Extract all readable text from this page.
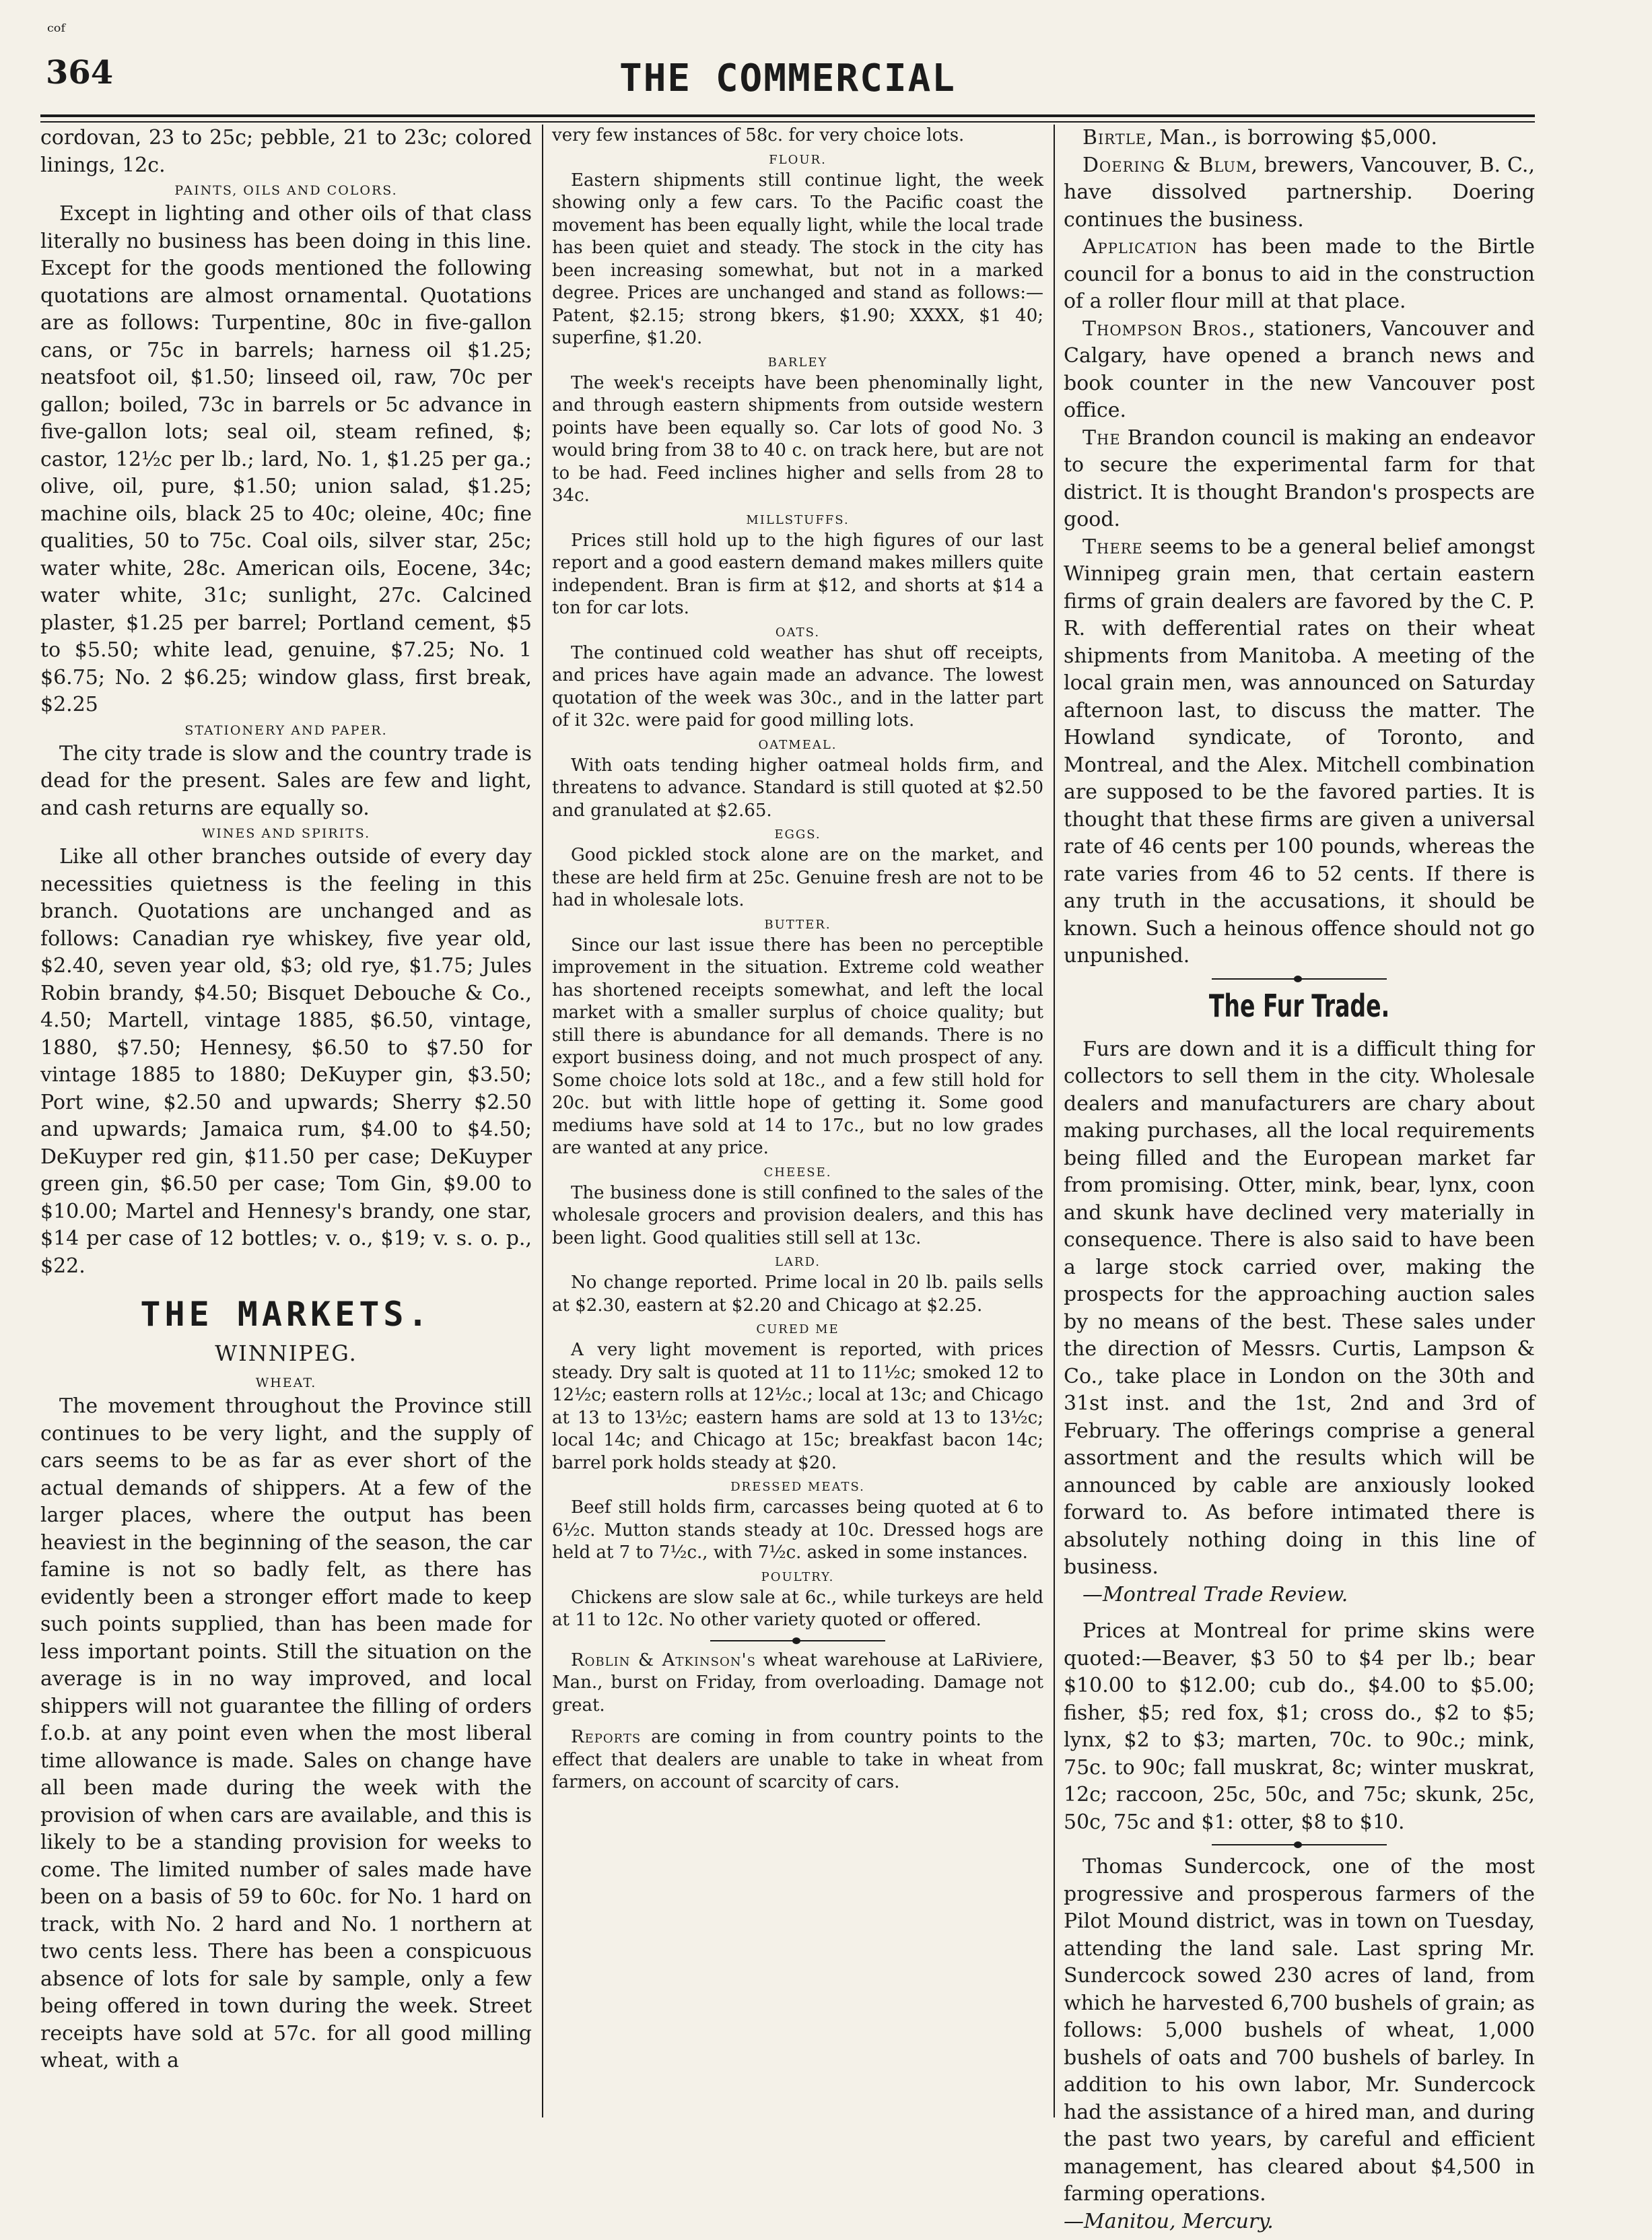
ᶜᵒᶠ
364	THE COMMERCIAL

cordovan, 23 to 25c; pebble, 21 to 23c; colored linings, 12c.

PAINTS, OILS AND COLORS.

Except in lighting and other oils of that class literally no business has been doing in this line. Except for the goods mentioned the following quotations are almost ornamental. Quotations are as follows: Turpentine, 80c in five-gallon cans, or 75c in barrels; harness oil $1.25; neatsfoot oil, $1.50; linseed oil, raw, 70c per gallon; boiled, 73c in barrels or 5c advance in five-gallon lots; seal oil, steam refined, $; castor, 12½c per lb.; lard, No. 1, $1.25 per ga.; olive, oil, pure, $1.50; union salad, $1.25; machine oils, black 25 to 40c; oleine, 40c; fine qualities, 50 to 75c. Coal oils, silver star, 25c; water white, 28c. American oils, Eocene, 34c; water white, 31c; sunlight, 27c. Calcined plaster, $1.25 per barrel; Portland cement, $5 to $5.50; white lead, genuine, $7.25; No. 1 $6.75; No. 2 $6.25; window glass, first break, $2.25

STATIONERY AND PAPER.

The city trade is slow and the country trade is dead for the present. Sales are few and light, and cash returns are equally so.

WINES AND SPIRITS.

Like all other branches outside of every day necessities quietness is the feeling in this branch. Quotations are unchanged and as follows: Canadian rye whiskey, five year old, $2.40, seven year old, $3; old rye, $1.75; Jules Robin brandy, $4.50; Bisquet Debouche & Co., 4.50; Martell, vintage 1885, $6.50, vintage, 1880, $7.50; Hennesy, $6.50 to $7.50 for vintage 1885 to 1880; DeKuyper gin, $3.50; Port wine, $2.50 and upwards; Sherry $2.50 and upwards; Jamaica rum, $4.00 to $4.50; DeKuyper red gin, $11.50 per case; DeKuyper green gin, $6.50 per case; Tom Gin, $9.00 to $10.00; Martel and Hennesy's brandy, one star, $14 per case of 12 bottles; v. o., $19; v. s. o. p., $22.

THE MARKETS.
WINNIPEG.
WHEAT.

The movement throughout the Province still continues to be very light, and the supply of cars seems to be as far as ever short of the actual demands of shippers. At a few of the larger places, where the output has been heaviest in the beginning of the season, the car famine is not so badly felt, as there has evidently been a stronger effort made to keep such points supplied, than has been made for less important points. Still the situation on the average is in no way improved, and local shippers will not guarantee the filling of orders f.o.b. at any point even when the most liberal time allowance is made. Sales on change have all been made during the week with the provision of when cars are available, and this is likely to be a standing provision for weeks to come. The limited number of sales made have been on a basis of 59 to 60c. for No. 1 hard on track, with No. 2 hard and No. 1 northern at two cents less. There has been a conspicuous absence of lots for sale by sample, only a few being offered in town during the week. Street receipts have sold at 57c. for all good milling wheat, with a

very few instances of 58c. for very choice lots.

FLOUR.

Eastern shipments still continue light, the week showing only a few cars. To the Pacific coast the movement has been equally light, while the local trade has been quiet and steady. The stock in the city has been increasing somewhat, but not in a marked degree. Prices are unchanged and stand as follows:— Patent, $2.15; strong bkers, $1.90; XXXX, $1 40; superfine, $1.20.

BARLEY

The week's receipts have been phenominally light, and through eastern shipments from outside western points have been equally so. Car lots of good No. 3 would bring from 38 to 40 c. on track here, but are not to be had. Feed inclines higher and sells from 28 to 34c.

MILLSTUFFS.

Prices still hold up to the high figures of our last report and a good eastern demand makes millers quite independent. Bran is firm at $12, and shorts at $14 a ton for car lots.

OATS.

The continued cold weather has shut off receipts, and prices have again made an advance. The lowest quotation of the week was 30c., and in the latter part of it 32c. were paid for good milling lots.

OATMEAL.

With oats tending higher oatmeal holds firm, and threatens to advance. Standard is still quoted at $2.50 and granulated at $2.65.

EGGS.

Good pickled stock alone are on the market, and these are held firm at 25c. Genuine fresh are not to be had in wholesale lots.

BUTTER.

Since our last issue there has been no perceptible improvement in the situation. Extreme cold weather has shortened receipts somewhat, and left the local market with a smaller surplus of choice quality; but still there is abundance for all demands. There is no export business doing, and not much prospect of any. Some choice lots sold at 18c., and a few still hold for 20c. but with little hope of getting it. Some good mediums have sold at 14 to 17c., but no low grades are wanted at any price.

CHEESE.

The business done is still confined to the sales of the wholesale grocers and provision dealers, and this has been light. Good qualities still sell at 13c.

LARD.

No change reported. Prime local in 20 lb. pails sells at $2.30, eastern at $2.20 and Chicago at $2.25.

CURED ME

A very light movement is reported, with prices steady. Dry salt is quoted at 11 to 11½c; smoked 12 to 12½c; eastern rolls at 12½c.; local at 13c; and Chicago at 13 to 13½c; eastern hams are sold at 13 to 13½c; local 14c; and Chicago at 15c; breakfast bacon 14c; barrel pork holds steady at $20.

DRESSED MEATS.

Beef still holds firm, carcasses being quoted at 6 to 6½c. Mutton stands steady at 10c. Dressed hogs are held at 7 to 7½c., with 7½c. asked in some instances.

POULTRY.

Chickens are slow sale at 6c., while turkeys are held at 11 to 12c. No other variety quoted or offered.

Roblin & Atkinson's wheat warehouse at LaRiviere, Man., burst on Friday, from overloading. Damage not great.

Reports are coming in from country points to the effect that dealers are unable to take in wheat from farmers, on account of scarcity of cars.

Birtle, Man., is borrowing $5,000.

Doering & Blum, brewers, Vancouver, B. C., have dissolved partnership. Doering continues the business.

Application has been made to the Birtle council for a bonus to aid in the construction of a roller flour mill at that place.

Thompson Bros., stationers, Vancouver and Calgary, have opened a branch news and book counter in the new Vancouver post office.

The Brandon council is making an endeavor to secure the experimental farm for that district. It is thought Brandon's prospects are good.

There seems to be a general belief amongst Winnipeg grain men, that certain eastern firms of grain dealers are favored by the C. P. R. with defferential rates on their wheat shipments from Manitoba. A meeting of the local grain men, was announced on Saturday afternoon last, to discuss the matter. The Howland syndicate, of Toronto, and Montreal, and the Alex. Mitchell combination are supposed to be the favored parties. It is thought that these firms are given a universal rate of 46 cents per 100 pounds, whereas the rate varies from 46 to 52 cents. If there is any truth in the accusations, it should be known. Such a heinous offence should not go unpunished.

The Fur Trade.

Furs are down and it is a difficult thing for collectors to sell them in the city. Wholesale dealers and manufacturers are chary about making purchases, all the local requirements being filled and the European market far from promising. Otter, mink, bear, lynx, coon and skunk have declined very materially in consequence. There is also said to have been a large stock carried over, making the prospects for the approaching auction sales by no means of the best. These sales under the direction of Messrs. Curtis, Lampson & Co., take place in London on the 30th and 31st inst. and the 1st, 2nd and 3rd of February. The offerings comprise a general assortment and the results which will be announced by cable are anxiously looked forward to. As before intimated there is absolutely nothing doing in this line of business.

—Montreal Trade Review.

Prices at Montreal for prime skins were quoted:—Beaver, $3 50 to $4 per lb.; bear $10.00 to $12.00; cub do., $4.00 to $5.00; fisher, $5; red fox, $1; cross do., $2 to $5; lynx, $2 to $3; marten, 70c. to 90c.; mink, 75c. to 90c; fall muskrat, 8c; winter muskrat, 12c; raccoon, 25c, 50c, and 75c; skunk, 25c, 50c, 75c and $1: otter, $8 to $10.

Thomas Sundercock, one of the most progressive and prosperous farmers of the Pilot Mound district, was in town on Tuesday, attending the land sale. Last spring Mr. Sundercock sowed 230 acres of land, from which he harvested 6,700 bushels of grain; as follows: 5,000 bushels of wheat, 1,000 bushels of oats and 700 bushels of barley. In addition to his own labor, Mr. Sundercock had the assistance of a hired man, and during the past two years, by careful and efficient management, has cleared about $4,500 in farming operations.

—Manitou, Mercury.
